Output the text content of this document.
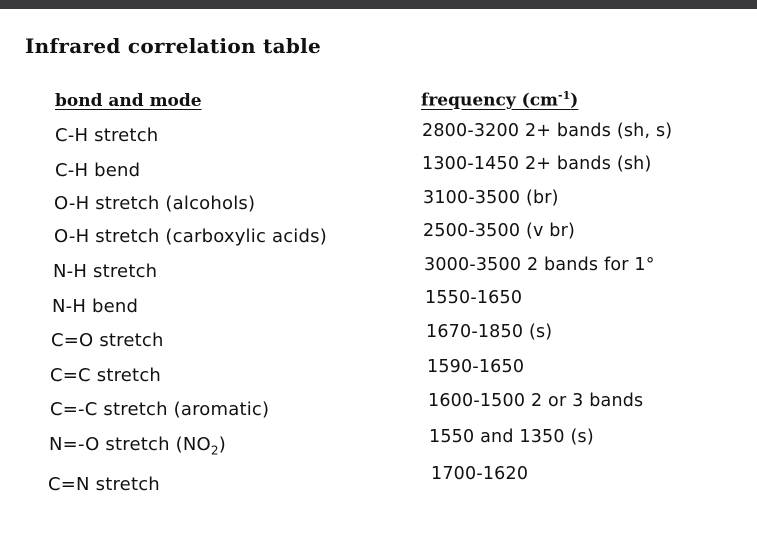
Infrared correlation table
bond and mode	frequency $(cm^{-1})$
C-H stretch	2800-3200 2+ bands (sh, s)
C-H bend	1300-1450 2+ bands (sh)
O-H stretch (alcohols)	3100-3500 (br)
O-H stretch (carboxylic acids)	2500-3500 (v br)
N-H stretch	3000-3500 2 bands for 1°
N-H bend	1550-1650
C=O stretch	1670-1850 (s)
C=C stretch	1590-1650
C=-C stretch (aromatic)	1600-1500 2 or 3 bands
N=-O stretch $(NO_2)$	1550 and 1350 (s)
C=N stretch	1700-1620
